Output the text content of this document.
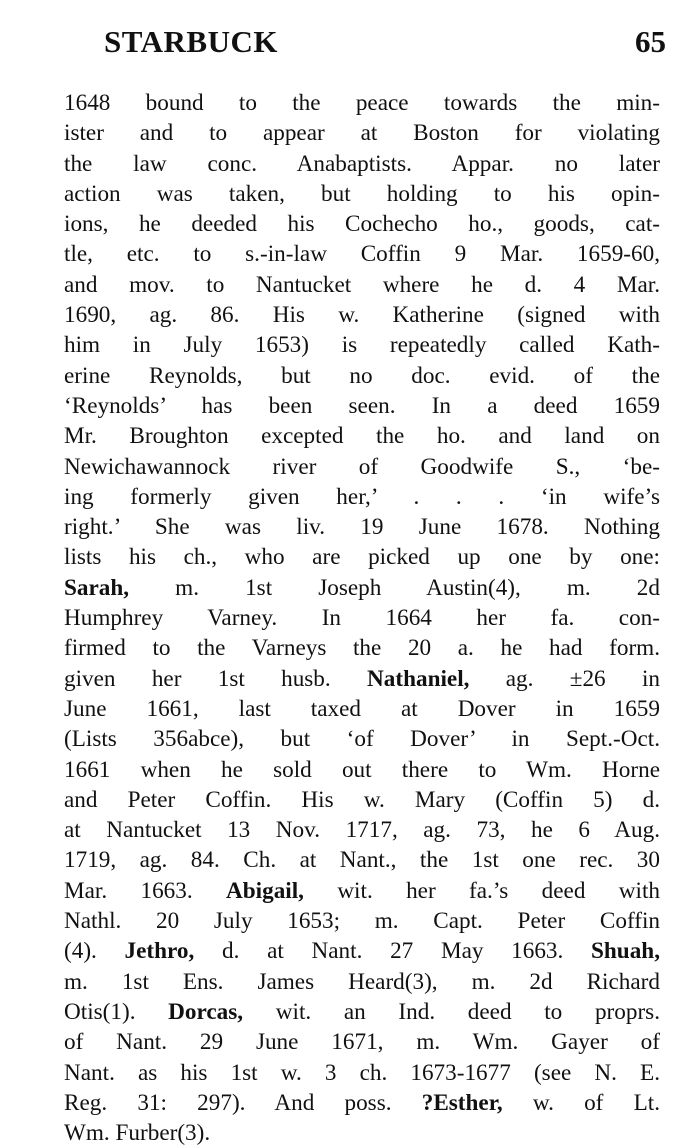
STARBUCK	65
1648 bound to the peace towards the min-
ister and to appear at Boston for violating
the law conc. Anabaptists. Appar. no later
action was taken, but holding to his opin-
ions, he deeded his Cochecho ho., goods, cat-
tle, etc. to s.-in-law Coffin 9 Mar. 1659-60,
and mov. to Nantucket where he d. 4 Mar.
1690, ag. 86. His w. Katherine (signed with
him in July 1653) is repeatedly called Kath-
erine Reynolds, but no doc. evid. of the
‘Reynolds’ has been seen. In a deed 1659
Mr. Broughton excepted the ho. and land on
Newichawannock river of Goodwife S., ‘be-
ing formerly given her,’ . . . ‘in wife’s
right.’ She was liv. 19 June 1678. Nothing
lists his ch., who are picked up one by one:
Sarah, m. 1st Joseph Austin(4), m. 2d
Humphrey Varney. In 1664 her fa. con-
firmed to the Varneys the 20 a. he had form.
given her 1st husb. Nathaniel, ag. ±26 in
June 1661, last taxed at Dover in 1659
(Lists 356abce), but ‘of Dover’ in Sept.-Oct.
1661 when he sold out there to Wm. Horne
and Peter Coffin. His w. Mary (Coffin 5) d.
at Nantucket 13 Nov. 1717, ag. 73, he 6 Aug.
1719, ag. 84. Ch. at Nant., the 1st one rec. 30
Mar. 1663. Abigail, wit. her fa.’s deed with
Nathl. 20 July 1653; m. Capt. Peter Coffin
(4). Jethro, d. at Nant. 27 May 1663. Shuah,
m. 1st Ens. James Heard(3), m. 2d Richard
Otis(1). Dorcas, wit. an Ind. deed to proprs.
of Nant. 29 June 1671, m. Wm. Gayer of
Nant. as his 1st w. 3 ch. 1673-1677 (see N. E.
Reg. 31: 297). And poss. ?Esther, w. of Lt.
Wm. Furber(3).
